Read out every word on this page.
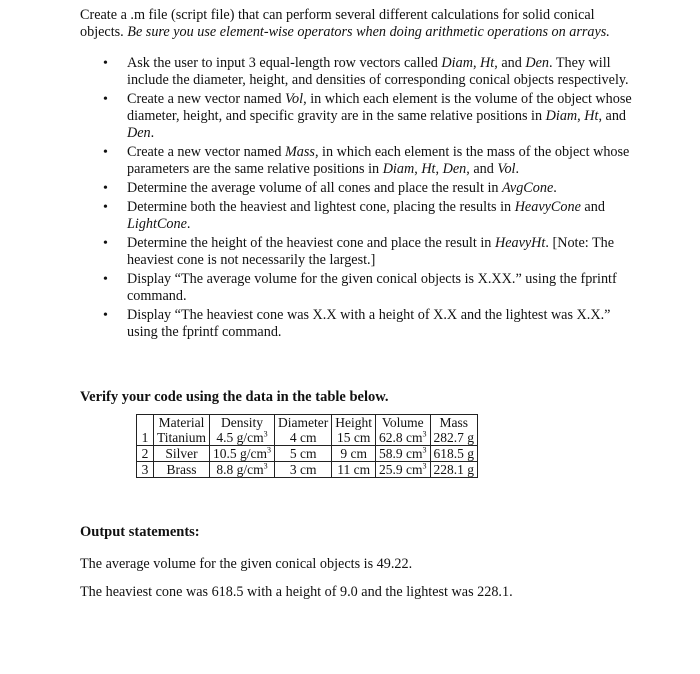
Create a .m file (script file) that can perform several different calculations for solid conical
objects. Be sure you use element-wise operators when doing arithmetic operations on arrays.
• Ask the user to input 3 equal-length row vectors called Diam, Ht, and Den. They will
include the diameter, height, and densities of corresponding conical objects respectively.
• Create a new vector named Vol, in which each element is the volume of the object whose
diameter, height, and specific gravity are in the same relative positions in Diam, Ht, and
Den.
• Create a new vector named Mass, in which each element is the mass of the object whose
parameters are the same relative positions in Diam, Ht, Den, and Vol.
• Determine the average volume of all cones and place the result in AvgCone.
• Determine both the heaviest and lightest cone, placing the results in HeavyCone and
LightCone.
• Determine the height of the heaviest cone and place the result in HeavyHt. [Note: The
heaviest cone is not necessarily the largest.]
• Display “The average volume for the given conical objects is X.XX.” using the fprintf
command.
• Display “The heaviest cone was X.X with a height of X.X and the lightest was X.X.”
using the fprintf command.
Verify your code using the data in the table below.
	Material	Density	Diameter	Height	Volume	Mass
1	Titanium	4.5 $g/cm^3$	4 cm	15 cm	62.8 $cm^3$	282.7 g
2	Silver	10.5 $g/cm^3$	5 cm	9 cm	58.9 $cm^3$	618.5 g
3	Brass	8.8 $g/cm^3$	3 cm	11 cm	25.9 $cm^3$	228.1 g
Output statements:
The average volume for the given conical objects is 49.22.
The heaviest cone was 618.5 with a height of 9.0 and the lightest was 228.1.
